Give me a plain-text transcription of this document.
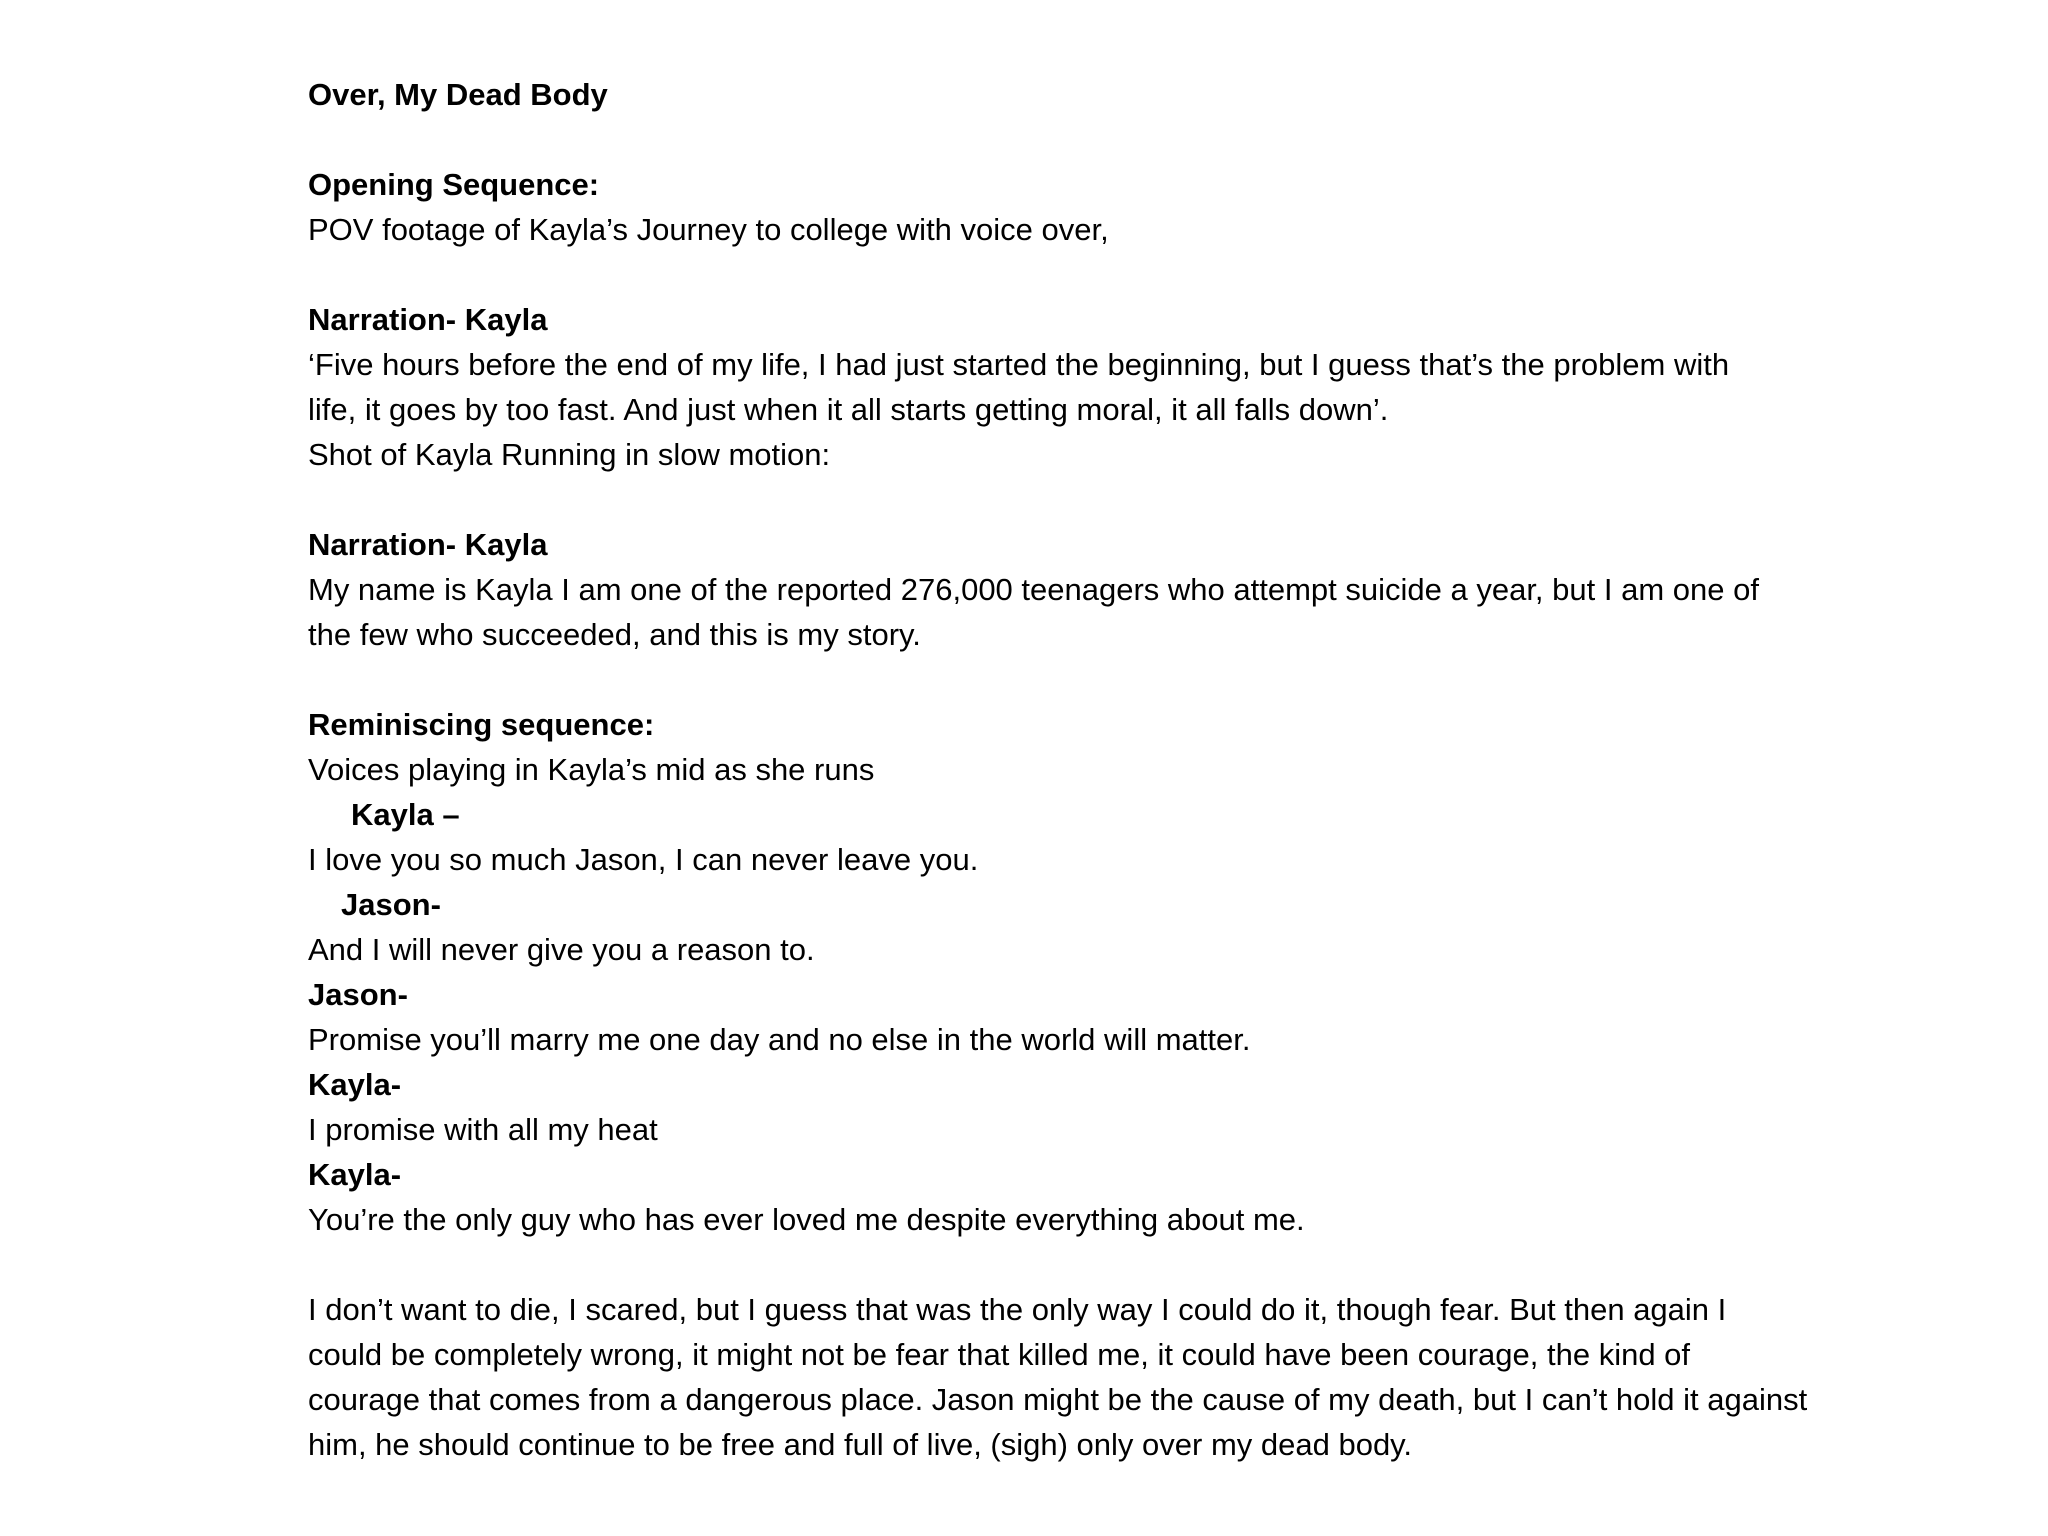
Over, My Dead Body
Opening Sequence:
POV footage of Kayla’s Journey to college with voice over,
Narration- Kayla
‘Five hours before the end of my life, I had just started the beginning, but I guess that’s the problem with
life, it goes by too fast. And just when it all starts getting moral, it all falls down’.
Shot of Kayla Running in slow motion:
Narration- Kayla
My name is Kayla I am one of the reported 276,000 teenagers who attempt suicide a year, but I am one of
the few who succeeded, and this is my story.
Reminiscing sequence:
Voices playing in Kayla’s mid as she runs
Kayla –
I love you so much Jason, I can never leave you.
Jason-
And I will never give you a reason to.
Jason-
Promise you’ll marry me one day and no else in the world will matter.
Kayla-
I promise with all my heat
Kayla-
You’re the only guy who has ever loved me despite everything about me.
I don’t want to die, I scared, but I guess that was the only way I could do it, though fear. But then again I
could be completely wrong, it might not be fear that killed me, it could have been courage, the kind of
courage that comes from a dangerous place. Jason might be the cause of my death, but I can’t hold it against
him, he should continue to be free and full of live, (sigh) only over my dead body.
